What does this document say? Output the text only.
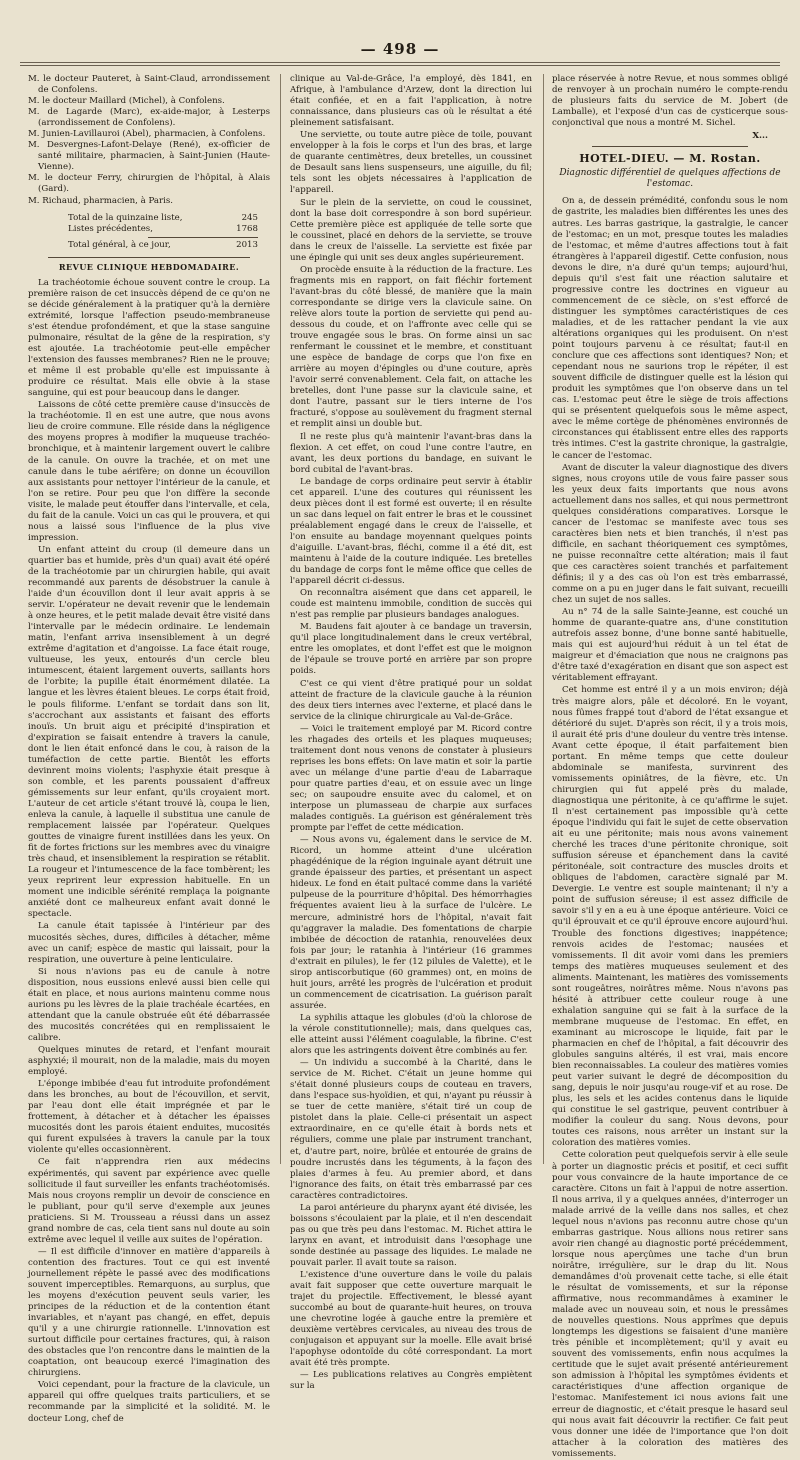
— 498 —

M. le docteur Pauteret, à Saint-Claud, arrondissement de Confolens.

M. le docteur Maillard (Michel), à Confolens.

M. de Lagarde (Marc), ex-aide-major, à Lesterps (arrondissement de Confolens).

M. Junien-Lavillauroi (Abel), pharmacien, à Confolens.

M. Desvergnes-Lafont-Delaye (René), ex-officier de santé militaire, pharmacien, à Saint-Junien (Haute-Vienne).

M. le docteur Ferry, chirurgien de l'hôpital, à Alais (Gard).

M. Richaud, pharmacien, à Paris.

Total de la quinzaine liste,	245
Listes précédentes,	1768
Total général, à ce jour,	2013
REVUE CLINIQUE HEBDOMADAIRE.

La trachéotomie échoue souvent contre le croup. La première raison de cet insuccès dépend de ce qu'on ne se décide généralement à la pratiquer qu'à la dernière extrémité, lorsque l'affection pseudo-membraneuse s'est étendue profondément, et que la stase sanguine pulmonaire, résultat de la gêne de la respiration, s'y est ajoutée. La trachéotomie peut-elle empêcher l'extension des fausses membranes? Rien ne le prouve; et même il est probable qu'elle est impuissante à produire ce résultat. Mais elle obvie à la stase sanguine, qui est pour beaucoup dans le danger.

Laissons de côté cette première cause d'insuccès de la trachéotomie. Il en est une autre, que nous avons lieu de croire commune. Elle réside dans la négligence des moyens propres à modifier la muqueuse trachéo-bronchique, et à maintenir largement ouvert le calibre de la canule. On ouvre la trachée, et on met une canule dans le tube aérifère; on donne un écouvillon aux assistants pour nettoyer l'intérieur de la canule, et l'on se retire. Pour peu que l'on diffère la seconde visite, le malade peut étouffer dans l'intervalle, et cela, du fait de la canule. Voici un cas qui le prouvera, et qui nous a laissé sous l'influence de la plus vive impression.

Un enfant atteint du croup (il demeure dans un quartier bas et humide, près d'un quai) avait été opéré de la trachéotomie par un chirurgien habile, qui avait recommandé aux parents de désobstruer la canule à l'aide d'un écouvillon dont il leur avait appris à se servir. L'opérateur ne devait revenir que le lendemain à onze heures, et le petit malade devait être visité dans l'intervalle par le médecin ordinaire. Le lendemain matin, l'enfant arriva insensiblement à un degré extrême d'agitation et d'angoisse. La face était rouge, vultueuse, les yeux, entourés d'un cercle bleu intumescent, étaient largement ouverts, saillants hors de l'orbite; la pupille était énormément dilatée. La langue et les lèvres étaient bleues. Le corps était froid, le pouls filiforme. L'enfant se tordait dans son lit, s'accrochant aux assistants et faisant des efforts inouïs. Un bruit aigu et précipité d'inspiration et d'expiration se faisait entendre à travers la canule, dont le lien était enfoncé dans le cou, à raison de la tuméfaction de cette partie. Bientôt les efforts devinrent moins violents; l'asphyxie était presque à son comble, et les parents poussaient d'affreux gémissements sur leur enfant, qu'ils croyaient mort. L'auteur de cet article s'étant trouvé là, coupa le lien, enleva la canule, à laquelle il substitua une canule de remplacement laissée par l'opérateur. Quelques gouttes de vinaigre furent instillées dans les yeux. On fit de fortes frictions sur les membres avec du vinaigre très chaud, et insensiblement la respiration se rétablit. La rougeur et l'intumescence de la face tombèrent; les yeux reprirent leur expression habituelle. En un moment une indicible sérénité remplaça la poignante anxiété dont ce malheureux enfant avait donné le spectacle.

La canule était tapissée à l'intérieur par des mucosités sèches, dures, difficiles à détacher, même avec un canif; espèce de mastic qui laissait, pour la respiration, une ouverture à peine lenticulaire.

Si nous n'avions pas eu de canule à notre disposition, nous eussions enlevé aussi bien celle qui était en place, et nous aurions maintenu comme nous aurions pu les lèvres de la plaie trachéale écartées, en attendant que la canule obstruée eût été débarrassée des mucosités concrétées qui en remplissaient le calibre.

Quelques minutes de retard, et l'enfant mourait asphyxié; il mourait, non de la maladie, mais du moyen employé.

L'éponge imbibée d'eau fut introduite profondément dans les bronches, au bout de l'écouvillon, et servit, par l'eau dont elle était imprégnée et par le frottement, à détacher et à détacher les épaisses mucosités dont les parois étaient enduites, mucosités qui furent expulsées à travers la canule par la toux violente qu'elles occasionnèrent.

Ce fait n'apprendra rien aux médecins expérimentés, qui savent par expérience avec quelle sollicitude il faut surveiller les enfants trachéotomisés. Mais nous croyons remplir un devoir de conscience en le publiant, pour qu'il serve d'exemple aux jeunes praticiens. Si M. Trousseau a réussi dans un assez grand nombre de cas, cela tient sans nul doute au soin extrême avec lequel il veille aux suites de l'opération.

— Il est difficile d'innover en matière d'appareils à contention des fractures. Tout ce qui est inventé journellement répète le passé avec des modifications souvent imperceptibles. Remarquons, au surplus, que les moyens d'exécution peuvent seuls varier, les principes de la réduction et de la contention étant invariables, et n'ayant pas changé, en effet, depuis qu'il y a une chirurgie rationnelle. L'innovation est surtout difficile pour certaines fractures, qui, à raison des obstacles que l'on rencontre dans le maintien de la coaptation, ont beaucoup exercé l'imagination des chirurgiens.

Voici cependant, pour la fracture de la clavicule, un appareil qui offre quelques traits particuliers, et se recommande par la simplicité et la solidité. M. le docteur Long, chef de

clinique au Val-de-Grâce, l'a employé, dès 1841, en Afrique, à l'ambulance d'Arzew, dont la direction lui était confiée, et en a fait l'application, à notre connaissance, dans plusieurs cas où le résultat a été pleinement satisfaisant.

Une serviette, ou toute autre pièce de toile, pouvant envelopper à la fois le corps et l'un des bras, et large de quarante centimètres, deux bretelles, un coussinet de Desault sans liens suspenseurs, une aiguille, du fil; tels sont les objets nécessaires à l'application de l'appareil.

Sur le plein de la serviette, on coud le coussinet, dont la base doit correspondre à son bord supérieur. Cette première pièce est appliquée de telle sorte que le coussinet, placé en dehors de la serviette, se trouve dans le creux de l'aisselle. La serviette est fixée par une épingle qui unit ses deux angles supérieurement.

On procède ensuite à la réduction de la fracture. Les fragments mis en rapport, on fait fléchir fortement l'avant-bras du côté blessé, de manière que la main correspondante se dirige vers la clavicule saine. On relève alors toute la portion de serviette qui pend au-dessous du coude, et on l'affronte avec celle qui se trouve engagée sous le bras. On forme ainsi un sac renfermant le coussinet et le membre, et constituant une espèce de bandage de corps que l'on fixe en arrière au moyen d'épingles ou d'une couture, après l'avoir serré convenablement. Cela fait, on attache les bretelles, dont l'une passe sur la clavicule saine, et dont l'autre, passant sur le tiers interne de l'os fracturé, s'oppose au soulèvement du fragment sternal et remplit ainsi un double but.

Il ne reste plus qu'à maintenir l'avant-bras dans la flexion. A cet effet, on coud l'une contre l'autre, en avant, les deux portions du bandage, en suivant le bord cubital de l'avant-bras.

Le bandage de corps ordinaire peut servir à établir cet appareil. L'une des coutures qui réunissent les deux pièces dont il est formé est ouverte; il en résulte un sac dans lequel on fait entrer le bras et le coussinet préalablement engagé dans le creux de l'aisselle, et l'on ensuite au bandage moyennant quelques points d'aiguille. L'avant-bras, fléchi, comme il a été dit, est maintenu à l'aide de la couture indiquée. Les bretelles du bandage de corps font le même office que celles de l'appareil décrit ci-dessus.

On reconnaîtra aisément que dans cet appareil, le coude est maintenu immobile, condition de succès qui n'est pas remplie par plusieurs bandages analogues.

M. Baudens fait ajouter à ce bandage un traversin, qu'il place longitudinalement dans le creux vertébral, entre les omoplates, et dont l'effet est que le moignon de l'épaule se trouve porté en arrière par son propre poids.

C'est ce qui vient d'être pratiqué pour un soldat atteint de fracture de la clavicule gauche à la réunion des deux tiers internes avec l'externe, et placé dans le service de la clinique chirurgicale au Val-de-Grâce.

— Voici le traitement employé par M. Ricord contre les rhagades des orteils et les plaques muqueuses; traitement dont nous venons de constater à plusieurs reprises les bons effets: On lave matin et soir la partie avec un mélange d'une partie d'eau de Labarraque pour quatre parties d'eau, et on essuie avec un linge sec; on saupoudre ensuite avec du calomel, et on interpose un plumasseau de charpie aux surfaces malades contiguës. La guérison est généralement très prompte par l'effet de cette médication.

— Nous avons vu, également dans le service de M. Ricord, un homme atteint d'une ulcération phagédénique de la région inguinale ayant détruit une grande épaisseur des parties, et présentant un aspect hideux. Le fond en était pultacé comme dans la variété pulpeuse de la pourriture d'hôpital. Des hémorrhagies fréquentes avaient lieu à la surface de l'ulcère. Le mercure, administré hors de l'hôpital, n'avait fait qu'aggraver la maladie. Des fomentations de charpie imbibée de décoction de ratanhia, renouvelées deux fois par jour; le ratanhia à l'intérieur (16 grammes d'extrait en pilules), le fer (12 pilules de Valette), et le sirop antiscorbutique (60 grammes) ont, en moins de huit jours, arrêté les progrès de l'ulcération et produit un commencement de cicatrisation. La guérison paraît assurée.

La syphilis attaque les globules (d'où la chlorose de la vérole constitutionnelle); mais, dans quelques cas, elle atteint aussi l'élément coagulable, la fibrine. C'est alors que les astringents doivent être combinés au fer.

— Un individu a succombé à la Charité, dans le service de M. Richet. C'était un jeune homme qui s'était donné plusieurs coups de couteau en travers, dans l'espace sus-hyoïdien, et qui, n'ayant pu réussir à se tuer de cette manière, s'était tiré un coup de pistolet dans la plaie. Celle-ci présentait un aspect extraordinaire, en ce qu'elle était à bords nets et réguliers, comme une plaie par instrument tranchant, et, d'autre part, noire, brûlée et entourée de grains de poudre incrustés dans les téguments, à la façon des plaies d'armes à feu. Au premier abord, et dans l'ignorance des faits, on était très embarrassé par ces caractères contradictoires.

La paroi antérieure du pharynx ayant été divisée, les boissons s'écoulaient par la plaie, et il n'en descendait pas ou que très peu dans l'estomac. M. Richet attira le larynx en avant, et introduisit dans l'œsophage une sonde destinée au passage des liquides. Le malade ne pouvait parler. Il avait toute sa raison.

L'existence d'une ouverture dans le voile du palais avait fait supposer que cette ouverture marquait le trajet du projectile. Effectivement, le blessé ayant succombé au bout de quarante-huit heures, on trouva une chevrotine logée à gauche entre la première et deuxième vertèbres cervicales, au niveau des trous de conjugaison et appuyant sur la moelle. Elle avait brisé l'apophyse odontoïde du côté correspondant. La mort avait été très prompte.

— Les publications relatives au Congrès empiètent sur la

place réservée à notre Revue, et nous sommes obligé de renvoyer à un prochain numéro le compte-rendu de plusieurs faits du service de M. Jobert (de Lamballe), et l'exposé d'un cas de cysticerque sous-conjonctival que nous a montré M. Sichel.

X...
HOTEL-DIEU. — M. Rostan.
Diagnostic différentiel de quelques affections de l'estomac.

On a, de dessein prémédité, confondu sous le nom de gastrite, les maladies bien différentes les unes des autres. Les barras gastrique, la gastralgie, le cancer de l'estomac; en un mot, presque toutes les maladies de l'estomac, et même d'autres affections tout à fait étrangères à l'appareil digestif. Cette confusion, nous devons le dire, n'a duré qu'un temps; aujourd'hui, depuis qu'il s'est fait une réaction salutaire et progressive contre les doctrines en vigueur au commencement de ce siècle, on s'est efforcé de distinguer les symptômes caractéristiques de ces maladies, et de les rattacher pendant la vie aux altérations organiques qui les produisent. On n'est point toujours parvenu à ce résultat; faut-il en conclure que ces affections sont identiques? Non; et cependant nous ne saurions trop le répéter, il est souvent difficile de distinguer quelle est la lésion qui produit les symptômes que l'on observe dans un tel cas. L'estomac peut être le siège de trois affections qui se présentent quelquefois sous le même aspect, avec le même cortège de phénomènes environnés de circonstances qui établissent entre elles des rapports très intimes. C'est la gastrite chronique, la gastralgie, le cancer de l'estomac.

Avant de discuter la valeur diagnostique des divers signes, nous croyons utile de vous faire passer sous les yeux deux faits importants que nous avons actuellement dans nos salles, et qui nous permettront quelques considérations comparatives. Lorsque le cancer de l'estomac se manifeste avec tous ses caractères bien nets et bien tranchés, il n'est pas difficile, en sachant théoriquement ces symptômes, ne puisse reconnaître cette altération; mais il faut que ces caractères soient tranchés et parfaitement définis; il y a des cas où l'on est très embarrassé, comme on a pu en juger dans le fait suivant, recueilli chez un sujet de nos salles.

Au n° 74 de la salle Sainte-Jeanne, est couché un homme de quarante-quatre ans, d'une constitution autrefois assez bonne, d'une bonne santé habituelle, mais qui est aujourd'hui réduit à un tel état de maigreur et d'émaciation que nous ne craignons pas d'être taxé d'exagération en disant que son aspect est véritablement effrayant.

Cet homme est entré il y a un mois environ; déjà très maigre alors, pâle et décoloré. En le voyant, nous fûmes frappé tout d'abord de l'état exsangue et détérioré du sujet. D'après son récit, il y a trois mois, il aurait été pris d'une douleur du ventre très intense. Avant cette époque, il était parfaitement bien portant. En même temps que cette douleur abdominale se manifesta, survinrent des vomissements opiniâtres, de la fièvre, etc. Un chirurgien qui fut appelé près du malade, diagnostiqua une péritonite, à ce qu'affirme le sujet. Il n'est certainement pas impossible qu'à cette époque l'individu qui fait le sujet de cette observation ait eu une péritonite; mais nous avons vainement cherché les traces d'une péritonite chronique, soit suffusion séreuse et épanchement dans la cavité péritonéale, soit contracture des muscles droits et obliques de l'abdomen, caractère signalé par M. Devergie. Le ventre est souple maintenant; il n'y a point de suffusion séreuse; il est assez difficile de savoir s'il y en a eu à une époque antérieure. Voici ce qu'il éprouvait et ce qu'il éprouve encore aujourd'hui. Trouble des fonctions digestives; inappétence; renvois acides de l'estomac; nausées et vomissements. Il dit avoir vomi dans les premiers temps des matières muqueuses seulement et des aliments. Maintenant, les matières des vomissements sont rougeâtres, noirâtres même. Nous n'avons pas hésité à attribuer cette couleur rouge à une exhalation sanguine qui se fait à la surface de la membrane muqueuse de l'estomac. En effet, en examinant au microscope le liquide, fait par le pharmacien en chef de l'hôpital, a fait découvrir des globules sanguins altérés, il est vrai, mais encore bien reconnaissables. La couleur des matières vomies peut varier suivant le degré de décomposition du sang, depuis le noir jusqu'au rouge-vif et au rose. De plus, les sels et les acides contenus dans le liquide qui constitue le sel gastrique, peuvent contribuer à modifier la couleur du sang. Nous devons, pour toutes ces raisons, nous arrêter un instant sur la coloration des matières vomies.

Cette coloration peut quelquefois servir à elle seule à porter un diagnostic précis et positif, et ceci suffit pour vous convaincre de la haute importance de ce caractère. Citons un fait à l'appui de notre assertion. Il nous arriva, il y a quelques années, d'interroger un malade arrivé de la veille dans nos salles, et chez lequel nous n'avions pas reconnu autre chose qu'un embarras gastrique. Nous allions nous retirer sans avoir rien changé au diagnostic porté précédemment, lorsque nous aperçûmes une tache d'un brun noirâtre, irrégulière, sur le drap du lit. Nous demandâmes d'où provenait cette tache, si elle était le résultat de vomissements, et sur la réponse affirmative, nous recommandâmes à examiner le malade avec un nouveau soin, et nous le pressâmes de nouvelles questions. Nous apprîmes que depuis longtemps les digestions se faisaient d'une manière très pénible et incomplètement; qu'il y avait eu souvent des vomissements, enfin nous acquîmes la certitude que le sujet avait présenté antérieurement son admission à l'hôpital les symptômes évidents et caractéristiques d'une affection organique de l'estomac. Manifestement ici nous avions fait une erreur de diagnostic, et c'était presque le hasard seul qui nous avait fait découvrir la rectifier. Ce fait peut vous donner une idée de l'importance que l'on doit attacher à la coloration des matières des vomissements.
